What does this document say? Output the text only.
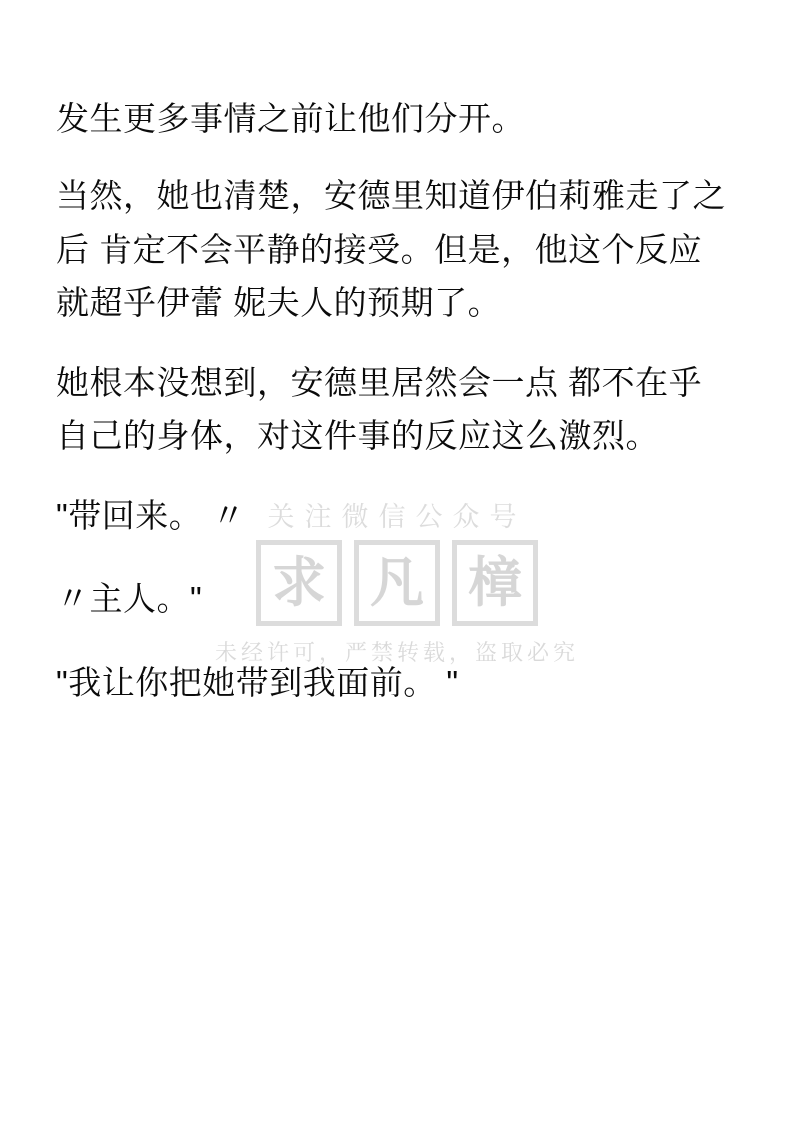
关注微信公众号
求 凡 樟
未经许可，严禁转载，盗取必究

发生更多事情之前让他们分开。

当然，她也清楚，安德里知道伊伯莉雅走了之后 肯定不会平静的接受。但是，他这个反应就超乎伊蕾 妮夫人的预期了。

她根本没想到，安德里居然会一点 都不在乎自己的身体，对这件事的反应这么激烈。

"带回来。 〃

〃主人。"

"我让你把她带到我面前。 "
